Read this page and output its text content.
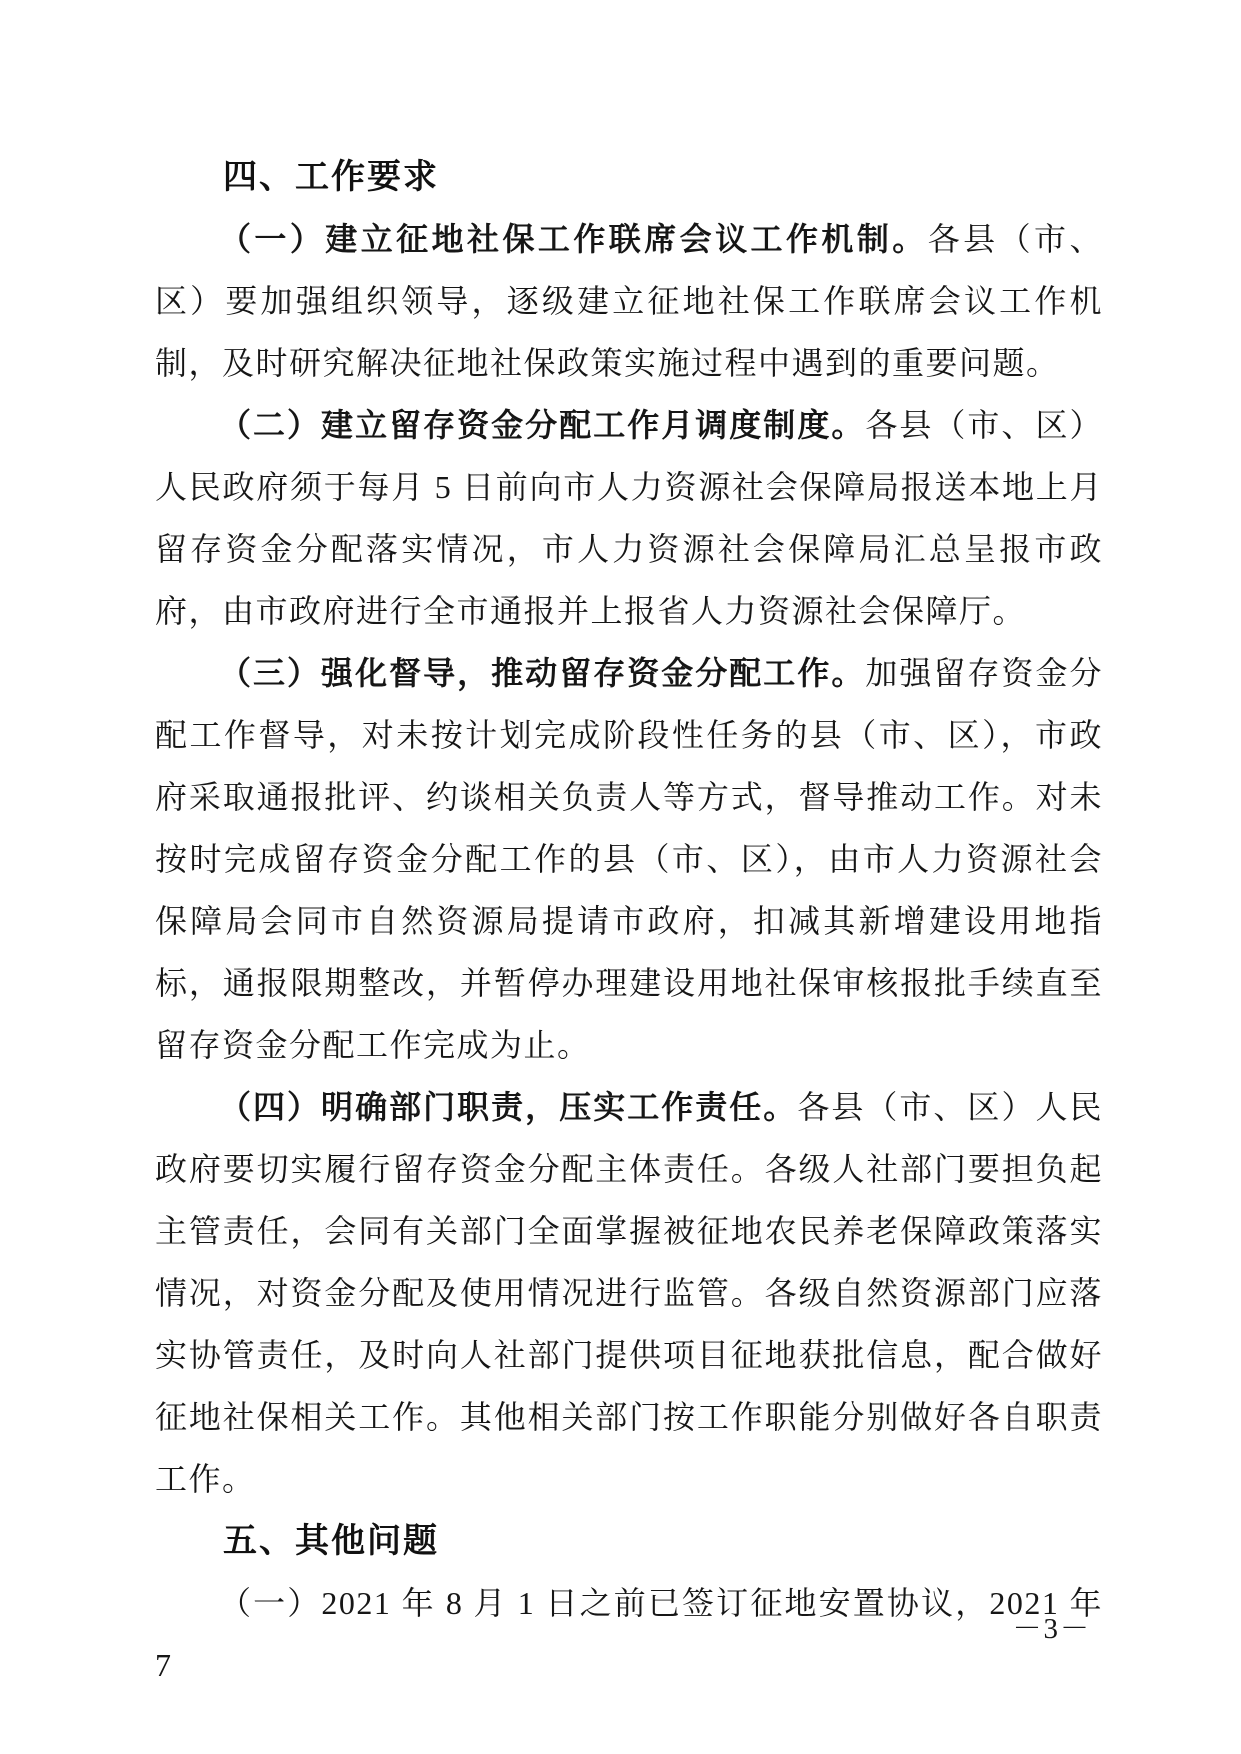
四、工作要求

（一）建立征地社保工作联席会议工作机制。各县（市、区）要加强组织领导，逐级建立征地社保工作联席会议工作机制，及时研究解决征地社保政策实施过程中遇到的重要问题。

（二）建立留存资金分配工作月调度制度。各县（市、区）人民政府须于每月 5 日前向市人力资源社会保障局报送本地上月留存资金分配落实情况，市人力资源社会保障局汇总呈报市政府，由市政府进行全市通报并上报省人力资源社会保障厅。

（三）强化督导，推动留存资金分配工作。加强留存资金分配工作督导，对未按计划完成阶段性任务的县（市、区），市政府采取通报批评、约谈相关负责人等方式，督导推动工作。对未按时完成留存资金分配工作的县（市、区），由市人力资源社会保障局会同市自然资源局提请市政府，扣减其新增建设用地指标，通报限期整改，并暂停办理建设用地社保审核报批手续直至留存资金分配工作完成为止。

（四）明确部门职责，压实工作责任。各县（市、区）人民政府要切实履行留存资金分配主体责任。各级人社部门要担负起主管责任，会同有关部门全面掌握被征地农民养老保障政策落实情况，对资金分配及使用情况进行监管。各级自然资源部门应落实协管责任，及时向人社部门提供项目征地获批信息，配合做好征地社保相关工作。其他相关部门按工作职能分别做好各自职责工作。

五、其他问题

（一）2021 年 8 月 1 日之前已签订征地安置协议，2021 年 7

－3－
